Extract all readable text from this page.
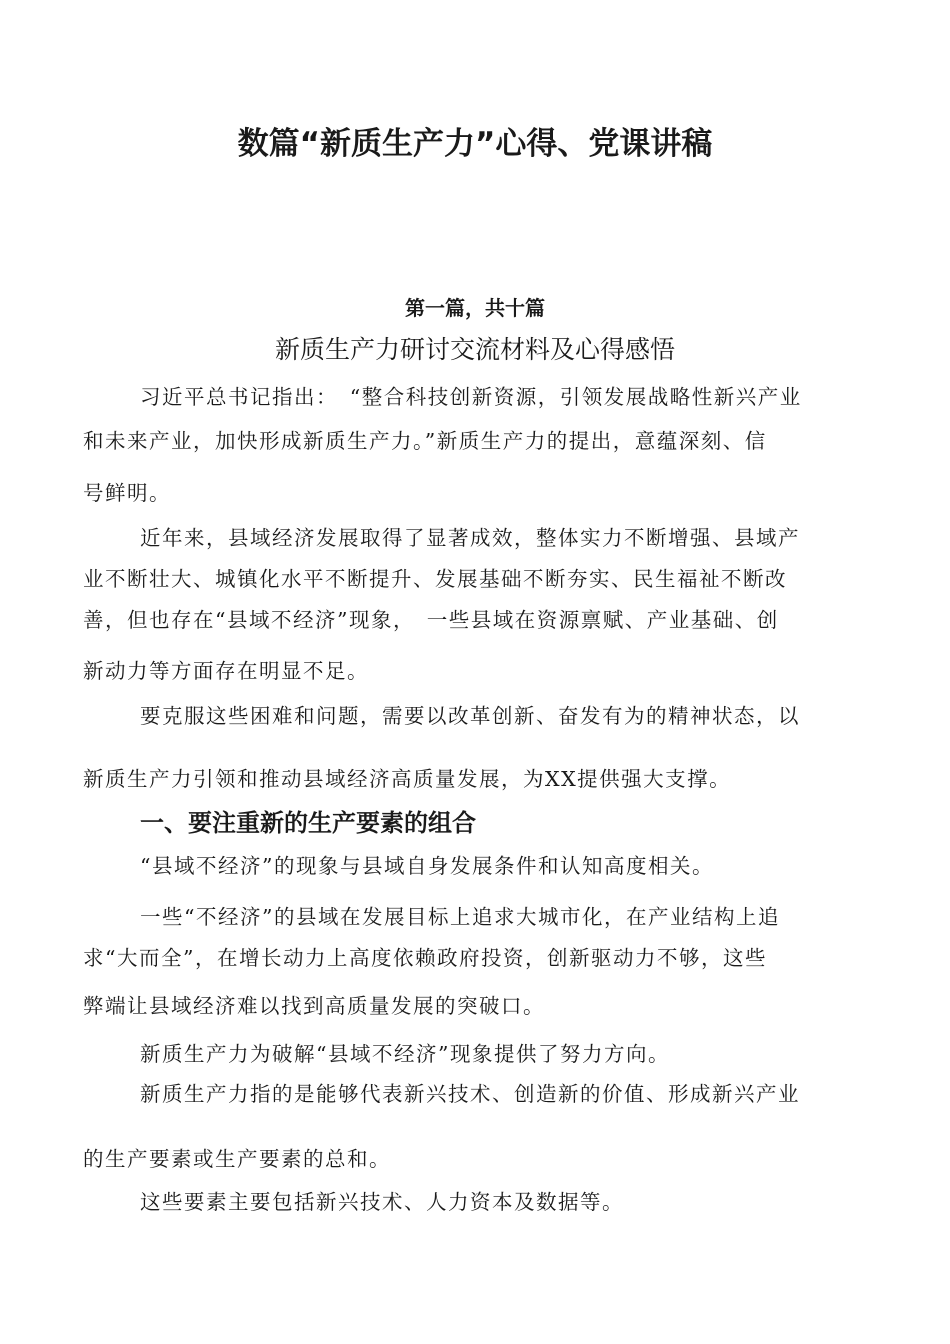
数篇“新质生产力”心得、党课讲稿
第一篇，共十篇
新质生产力研讨交流材料及心得感悟
习近平总书记指出：　“整合科技创新资源，引领发展战略性新兴产业
和未来产业，加快形成新质生产力。”新质生产力的提出，意蕴深刻、信
号鲜明。
近年来，县域经济发展取得了显著成效，整体实力不断增强、县域产
业不断壮大、城镇化水平不断提升、发展基础不断夯实、民生福祉不断改
善，但也存在“县域不经济”现象，　一些县域在资源禀赋、产业基础、创
新动力等方面存在明显不足。
要克服这些困难和问题，需要以改革创新、奋发有为的精神状态，以
新质生产力引领和推动县域经济高质量发展，为XX提供强大支撑。
一、要注重新的生产要素的组合
“县域不经济”的现象与县域自身发展条件和认知高度相关。
一些“不经济”的县域在发展目标上追求大城市化，在产业结构上追
求“大而全”，在增长动力上高度依赖政府投资，创新驱动力不够，这些
弊端让县域经济难以找到高质量发展的突破口。
新质生产力为破解“县域不经济”现象提供了努力方向。
新质生产力指的是能够代表新兴技术、创造新的价值、形成新兴产业
的生产要素或生产要素的总和。
这些要素主要包括新兴技术、人力资本及数据等。
